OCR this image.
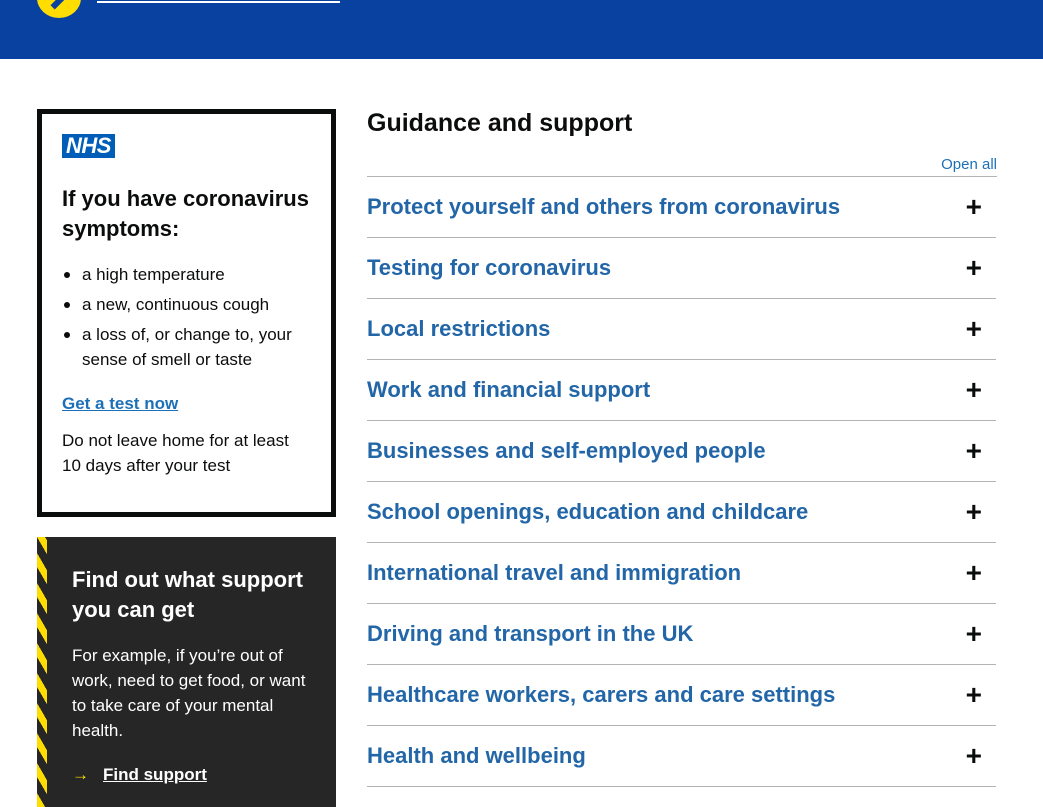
NHS
If you have coronavirus symptoms:
a high temperature
a new, continuous cough
a loss of, or change to, your sense of smell or taste
Get a test now

Do not leave home for at least 10 days after your test

Find out what support you can get

For example, if you’re out of work, need to get food, or want to take care of your mental health.

→ Find support
Guidance and support
Open all
Protect yourself and others from coronavirus	+
Testing for coronavirus	+
Local restrictions	+
Work and financial support	+
Businesses and self-employed people	+
School openings, education and childcare	+
International travel and immigration	+
Driving and transport in the UK	+
Healthcare workers, carers and care settings	+
Health and wellbeing	+
